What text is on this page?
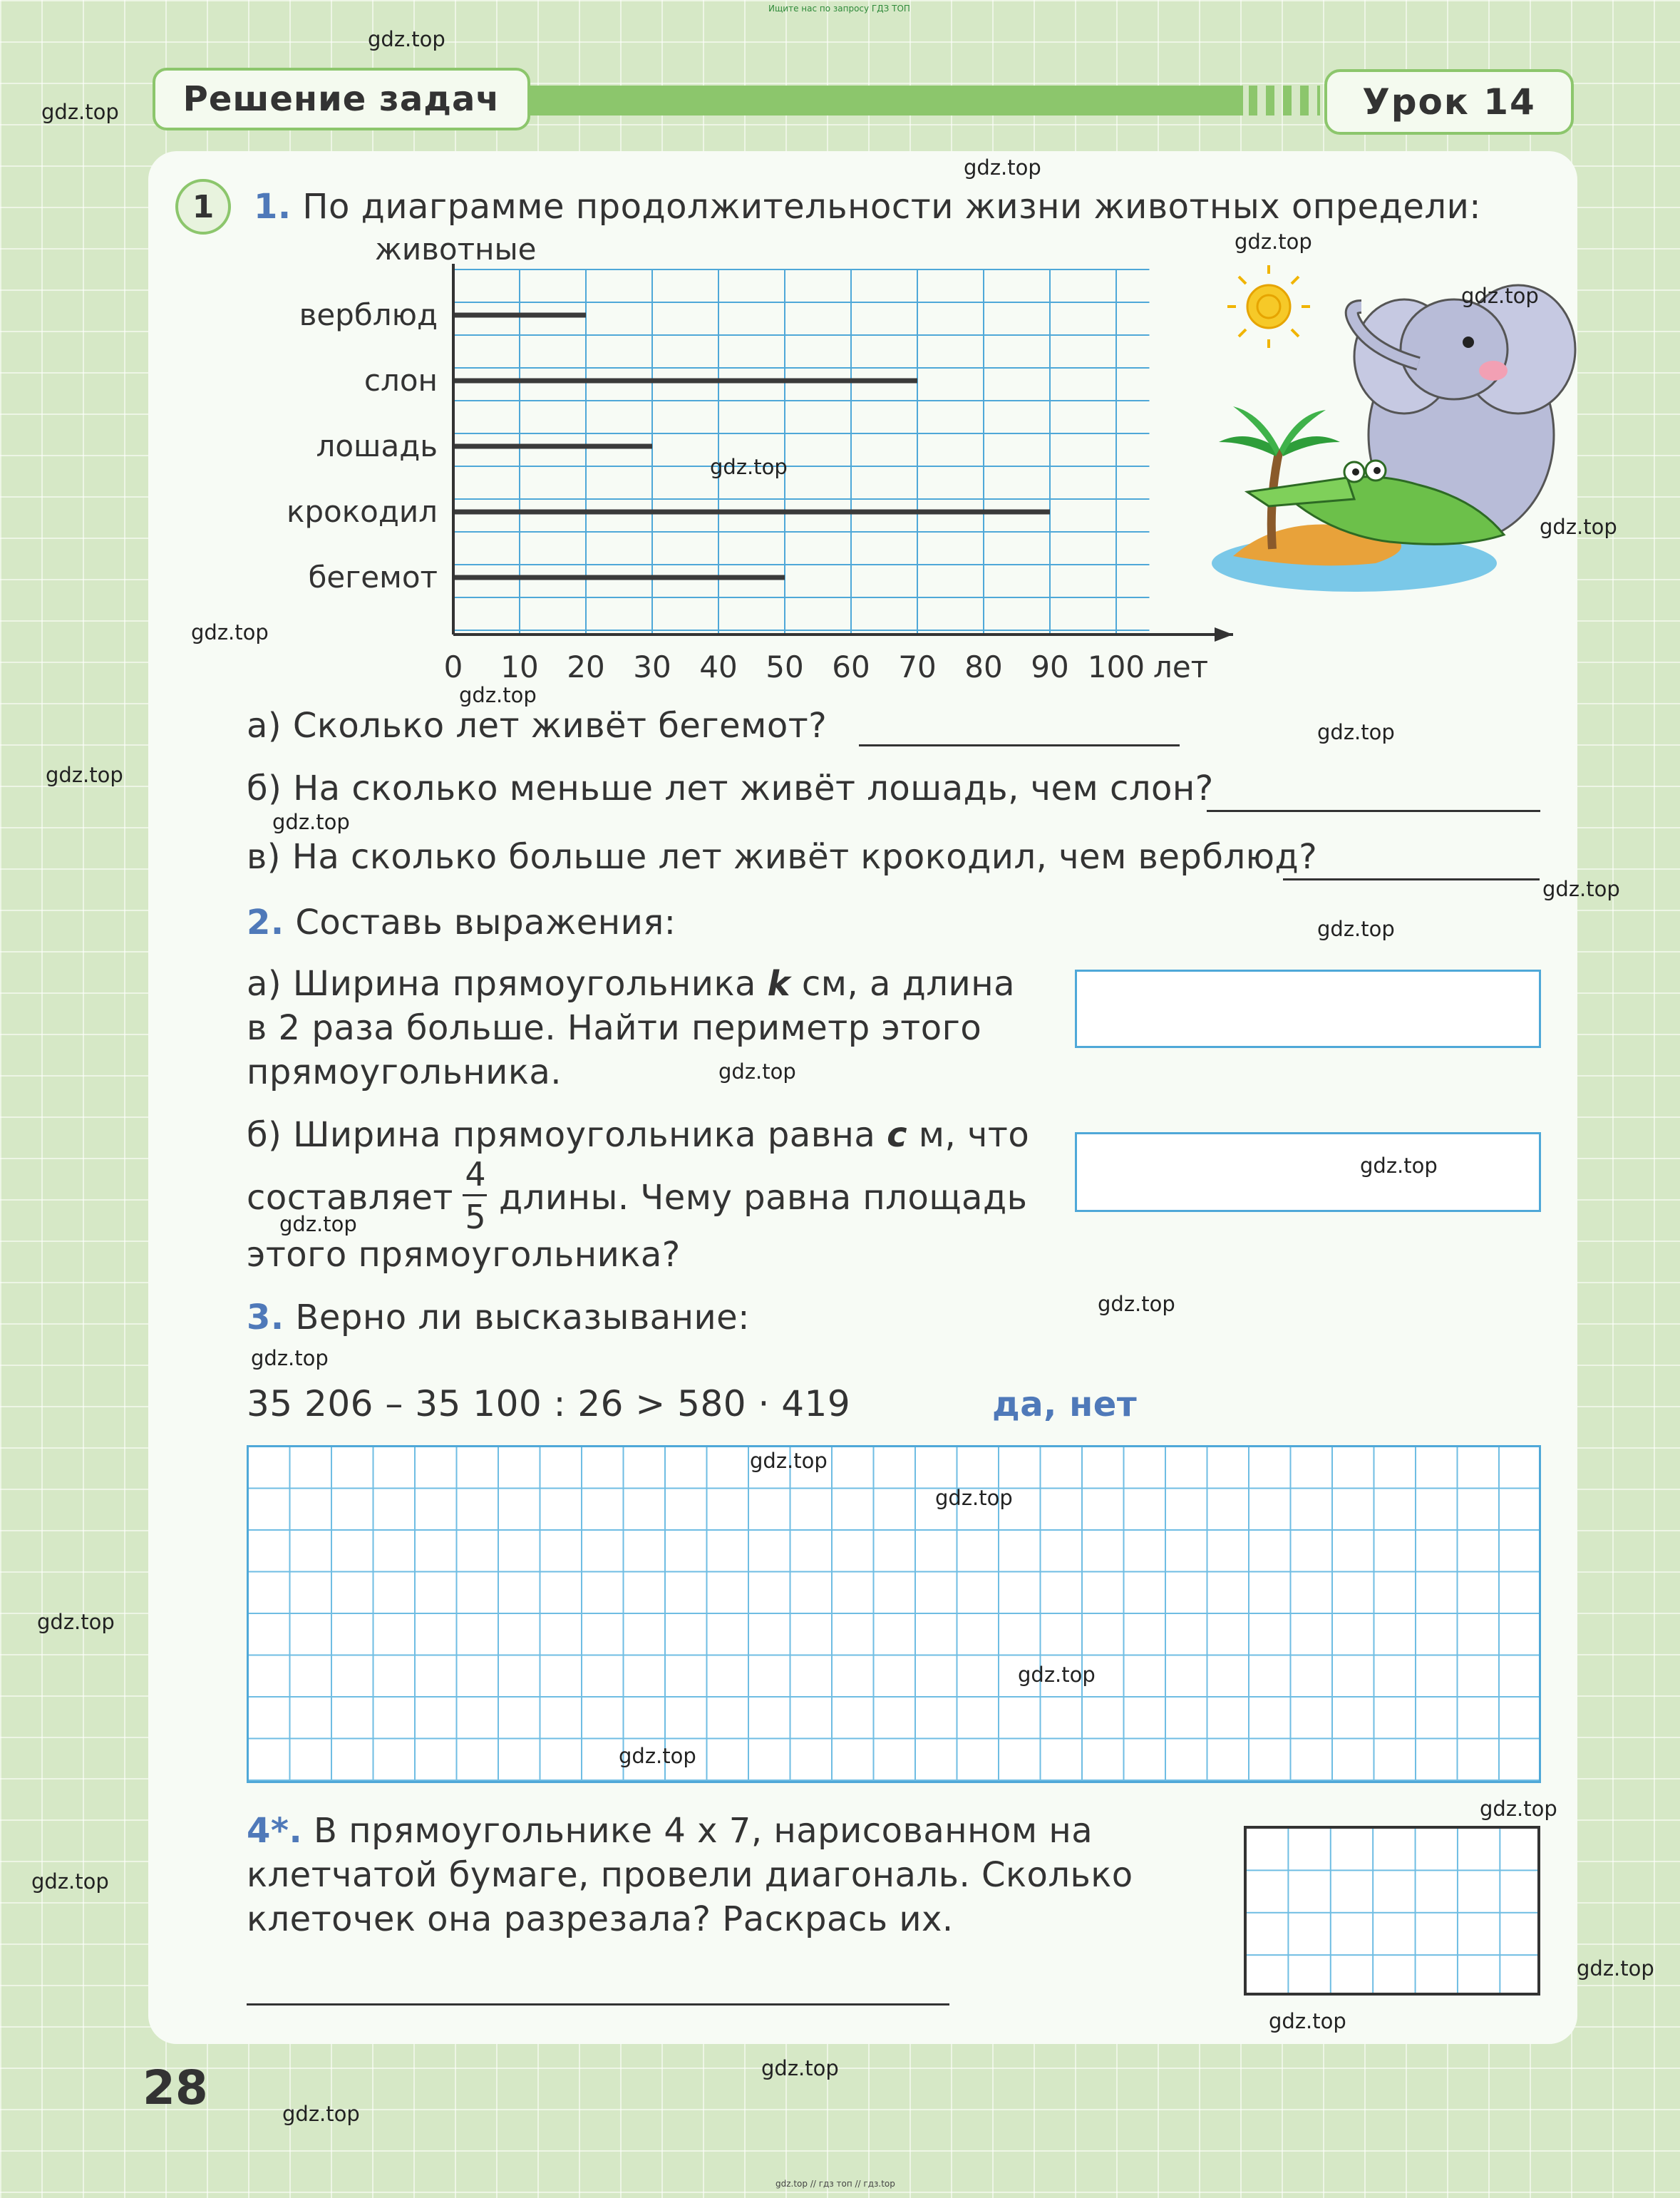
Ищите нас по запросу ГДЗ ТОП
Решение задач	Урок 14
1	1. По диаграмме продолжительности жизни животных определи:
верблюд
слон
лошадь
крокодил
бегемот
животные
0 10 20 30 40 50 60 70 80 90 100 лет
а) Сколько лет живёт бегемот?
б) На сколько меньше лет живёт лошадь, чем слон?
в) На сколько больше лет живёт крокодил, чем верблюд?
2. Составь выражения:
а) Ширина прямоугольника k см, а длина
в 2 раза больше. Найти периметр этого
прямоугольника.
б) Ширина прямоугольника равна c м, что
составляет
4
5 длины. Чему равна площадь
этого прямоугольника?
3. Верно ли высказывание:
35 206 – 35 100 : 26 > 580 · 419	да, нет
4*. В прямоугольнике 4 x 7, нарисованном на
клетчатой бумаге, провели диагональ. Сколько
клеточек она разрезала? Раскрась их.
28
gdz.top // гдз топ // гдз.top
gdz.top
gdz.top
gdz.top
gdz.top
gdz.top
gdz.top
gdz.top
gdz.top
gdz.top
gdz.top
gdz.top
gdz.top
gdz.top
gdz.top
gdz.top
gdz.top
gdz.top
gdz.top
gdz.top
gdz.top
gdz.top
gdz.top
gdz.top
gdz.top
gdz.top
gdz.top
gdz.top
gdz.top
gdz.top
gdz.top
